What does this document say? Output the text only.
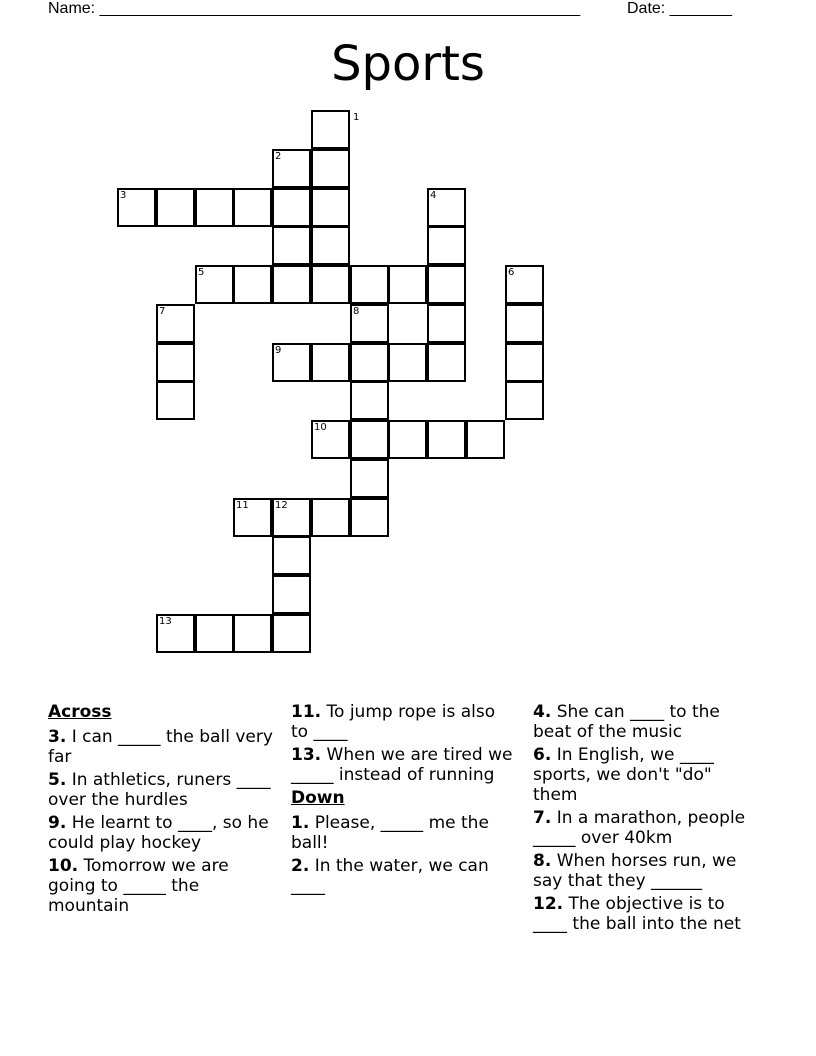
Name: ______________________________________________________	Date: _______
Sports
1
2
3	4
5	6
7	8
9
10
11	12
13
Across
3. I can _____ the ball very far
5. In athletics, runers ____ over the hurdles
9. He learnt to ____, so he could play hockey
10. Tomorrow we are going to _____ the mountain
11. To jump rope is also to ____
13. When we are tired we _____ instead of running
Down
1. Please, _____ me the ball!
2. In the water, we can ____
4. She can ____ to the beat of the music
6. In English, we ____ sports, we don't "do" them
7. In a marathon, people _____ over 40km
8. When horses run, we say that they ______
12. The objective is to ____ the ball into the net
